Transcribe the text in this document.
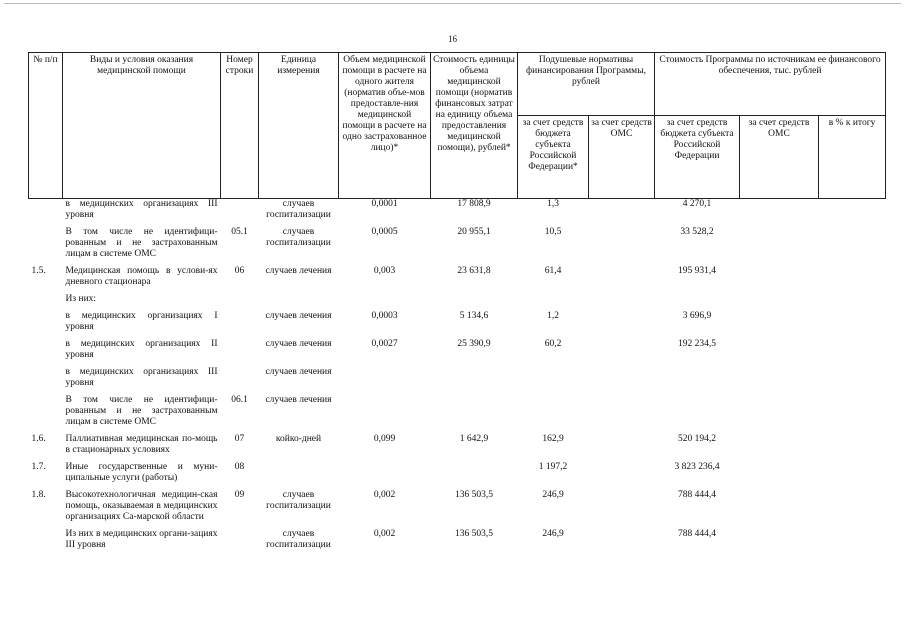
16
№ п/п	Виды и условия оказания медицинской помощи	Номер строки	Единица измерения	Объем медицинской помощи в расчете на одного жителя (норматив объе-мов предоставле-ния медицинской помощи в расчете на одно застрахованное лицо)*	Стоимость единицы объема медицинской помощи (норматив финансовых затрат на единицу объема предоставления медицинской помощи), рублей*	Подушевые нормативы финансирования Программы, рублей		Стоимость Программы по источникам ее финансового обеспечения, тыс. рублей		
						за счет средств бюджета субъекта Российской Федерации*	за счет средств ОМС	за счет средств бюджета субъекта Российской Федерации	за счет средств ОМС	в % к итогу
	в медицинских организациях III уровня		случаев госпитализации	0,0001	17 808,9	1,3		4 270,1		
	В том числе не идентифици-рованным и не застрахованным лицам в системе ОМС	05.1	случаев госпитализации	0,0005	20 955,1	10,5		33 528,2		
1.5.	Медицинская помощь в услови-ях дневного стационара	06	случаев лечения	0,003	23 631,8	61,4		195 931,4		
	Из них:									
	в медицинских организациях I уровня		случаев лечения	0,0003	5 134,6	1,2		3 696,9		
	в медицинских организациях II уровня		случаев лечения	0,0027	25 390,9	60,2		192 234,5		
	в медицинских организациях III уровня		случаев лечения							
	В том числе не идентифици-рованным и не застрахованным лицам в системе ОМС	06.1	случаев лечения							
1.6.	Паллиативная медицинская по-мощь в стационарных условиях	07	койко-дней	0,099	1 642,9	162,9		520 194,2		
1.7.	Иные государственные и муни-ципальные услуги (работы)	08				1 197,2		3 823 236,4		
1.8.	Высокотехнологичная медицин-ская помощь, оказываемая в медицинских организациях Са-марской области	09	случаев госпитализации	0,002	136 503,5	246,9		788 444,4		
	Из них в медицинских органи-зациях III уровня		случаев госпитализации	0,002	136 503,5	246,9		788 444,4		
